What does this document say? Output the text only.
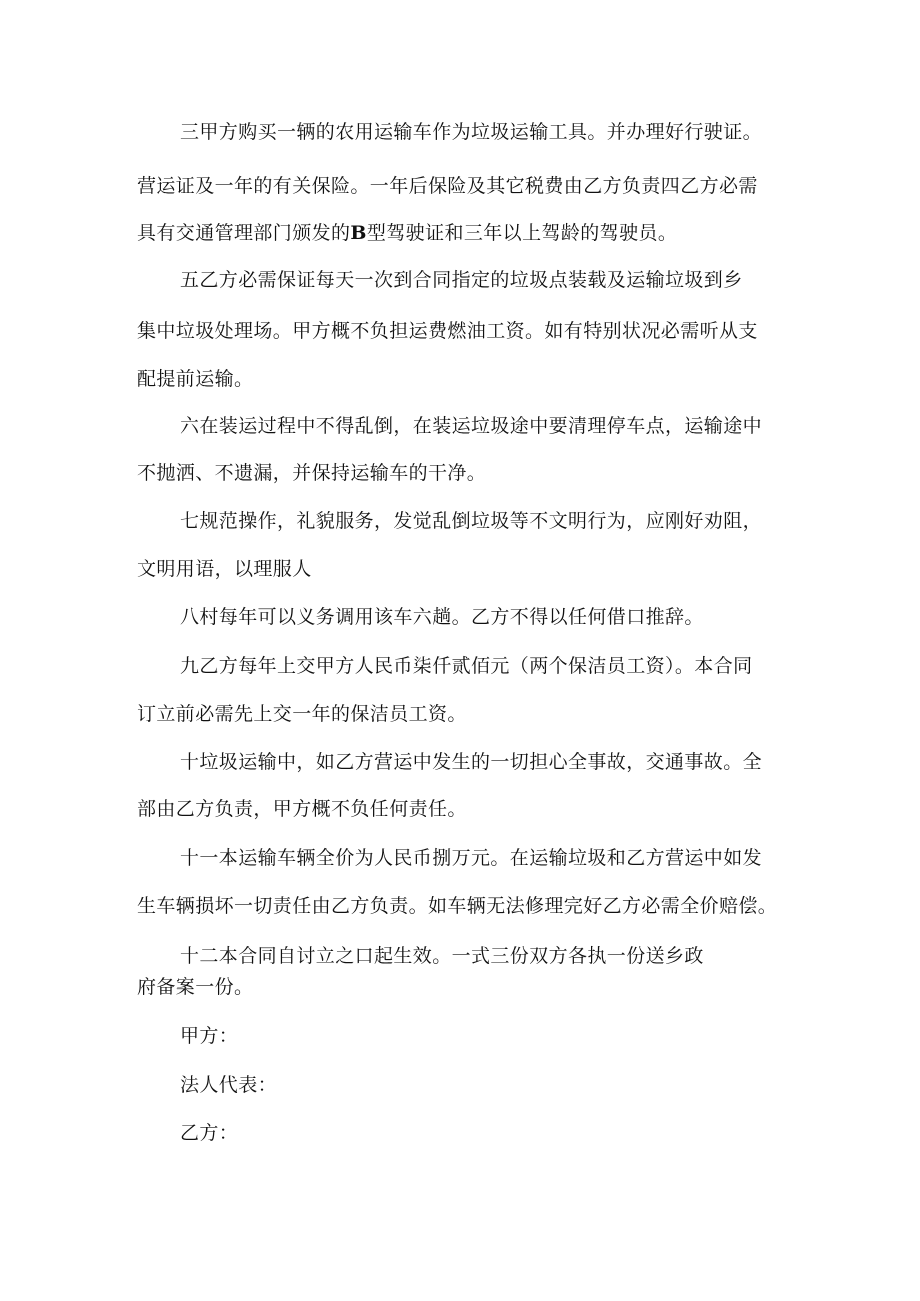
三甲方购买一辆的农用运输车作为垃圾运输工具。并办理好行驶证。
营运证及一年的有关保险。一年后保险及其它税费由乙方负责四乙方必需
具有交通管理部门颁发的B型驾驶证和三年以上驾龄的驾驶员。
五乙方必需保证每天一次到合同指定的垃圾点装载及运输垃圾到乡
集中垃圾处理场。甲方概不负担运费燃油工资。如有特别状况必需听从支
配提前运输。
六在装运过程中不得乱倒，在装运垃圾途中要清理停车点，运输途中
不抛洒、不遗漏，并保持运输车的干净。
七规范操作，礼貌服务，发觉乱倒垃圾等不文明行为，应刚好劝阻，
文明用语，以理服人
八村每年可以义务调用该车六趟。乙方不得以任何借口推辞。
九乙方每年上交甲方人民币柒仟贰佰元（两个保洁员工资）。本合同
订立前必需先上交一年的保洁员工资。
十垃圾运输中，如乙方营运中发生的一切担心全事故，交通事故。全
部由乙方负责，甲方概不负任何责任。
十一本运输车辆全价为人民币捌万元。在运输垃圾和乙方营运中如发
生车辆损坏一切责任由乙方负责。如车辆无法修理完好乙方必需全价赔偿。
十二本合同自讨立之口起生效。一式三份双方各执一份送乡政
府备案一份。
甲方：
法人代表：
乙方：
